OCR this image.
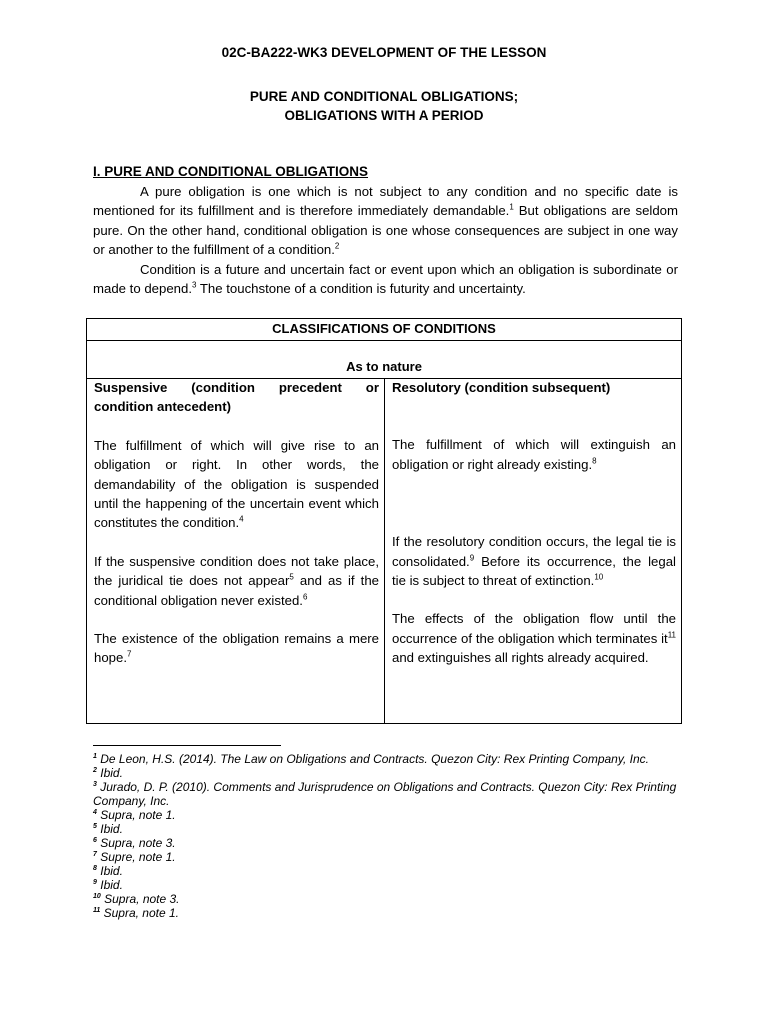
02C-BA222-WK3 DEVELOPMENT OF THE LESSON
PURE AND CONDITIONAL OBLIGATIONS;
OBLIGATIONS WITH A PERIOD
I. PURE AND CONDITIONAL OBLIGATIONS

A pure obligation is one which is not subject to any condition and no specific date is mentioned for its fulfillment and is therefore immediately demandable.$^1$ But obligations are seldom pure. On the other hand, conditional obligation is one whose consequences are subject in one way or another to the fulfillment of a condition.$^2$

Condition is a future and uncertain fact or event upon which an obligation is subordinate or made to depend.$^3$ The touchstone of a condition is futurity and uncertainty.

CLASSIFICATIONS OF CONDITIONS
As to nature

Suspensive (condition precedent or condition antecedent)

The fulfillment of which will give rise to an obligation or right. In other words, the demandability of the obligation is suspended until the happening of the uncertain event which constitutes the condition.$^4$

If the suspensive condition does not take place, the juridical tie does not appear$^5$ and as if the conditional obligation never existed.$^6$

The existence of the obligation remains a mere hope.$^7$

Resolutory (condition subsequent)

The fulfillment of which will extinguish an obligation or right already existing.$^8$

If the resolutory condition occurs, the legal tie is consolidated.$^9$ Before its occurrence, the legal tie is subject to threat of extinction.$^{10}$

The effects of the obligation flow until the occurrence of the obligation which terminates $it^{11}$ and extinguishes all rights already acquired.

$^1$ De Leon, H.S. (2014). The Law on Obligations and Contracts. Quezon City: Rex Printing Company, Inc.
$^2$ Ibid.
$^3$ Jurado, D. P. (2010). Comments and Jurisprudence on Obligations and Contracts. Quezon City: Rex Printing Company, Inc.
$^4$ Supra, note 1.
$^5$ Ibid.
$^6$ Supra, note 3.
$^7$ Supre, note 1.
$^8$ Ibid.
$^9$ Ibid.
$^{10}$ Supra, note 3.
$^{11}$ Supra, note 1.
